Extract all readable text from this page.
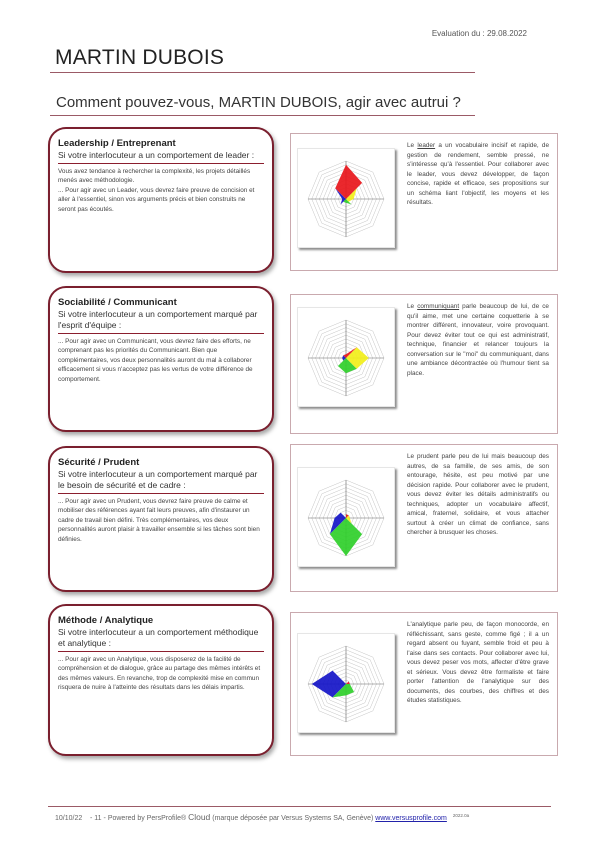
Evaluation du : 29.08.2022
MARTIN DUBOIS
Comment pouvez-vous, MARTIN DUBOIS, agir avec autrui ?
Leadership / Entreprenant
Si votre interlocuteur a un comportement de leader :

Vous avez tendance à rechercher la complexité, les projets détaillés menés avec méthodologie.

... Pour agir avec un Leader, vous devrez faire preuve de concision et aller à l'essentiel, sinon vos arguments précis et bien construits ne seront pas écoutés.

Le leader a un vocabulaire incisif et rapide, de gestion de rendement, semble pressé, ne s'intéresse qu'à l'essentiel. Pour collaborer avec le leader, vous devez développer, de façon concise, rapide et efficace, ses propositions sur un schéma liant l'objectif, les moyens et les résultats.
Sociabilité / Communicant
Si votre interlocuteur a un comportement marqué par l'esprit d'équipe :

... Pour agir avec un Communicant, vous devrez faire des efforts, ne comprenant pas les priorités du Communicant. Bien que complémentaires, vos deux personnalités auront du mal à collaborer efficacement si vous n'acceptez pas les vertus de votre différence de comportement.

Le communiquant parle beaucoup de lui, de ce qu'il aime, met une certaine coquetterie à se montrer différent, innovateur, voire provoquant. Pour devez éviter tout ce qui est administratif, technique, financier et relancer toujours la conversation sur le "moi" du communiquant, dans une ambiance décontractée où l'humour tient sa place.
Sécurité / Prudent
Si votre interlocuteur a un comportement marqué par le besoin de sécurité et de cadre :

... Pour agir avec un Prudent, vous devrez faire preuve de calme et mobiliser des références ayant fait leurs preuves, afin d'instaurer un cadre de travail bien défini. Très complémentaires, vos deux personnalités auront plaisir à travailler ensemble si les tâches sont bien définies.

Le prudent parle peu de lui mais beaucoup des autres, de sa famille, de ses amis, de son entourage, hésite, est peu motivé par une décision rapide. Pour collaborer avec le prudent, vous devez éviter les détails administratifs ou techniques, adopter un vocabulaire affectif, amical, fraternel, solidaire, et vous attacher surtout à créer un climat de confiance, sans chercher à brusquer les choses.
Méthode / Analytique
Si votre interlocuteur a un comportement méthodique et analytique :

... Pour agir avec un Analytique, vous disposerez de la facilité de compréhension et de dialogue, grâce au partage des mêmes intérêts et des mêmes valeurs. En revanche, trop de complexité mise en commun risquera de nuire à l'atteinte des résultats dans les délais impartis.

L'analytique parle peu, de façon monocorde, en réfléchissant, sans geste, comme figé ; il a un regard absent ou fuyant, semble froid et peu à l'aise dans ses contacts. Pour collaborer avec lui, vous devez peser vos mots, affecter d'être grave et sérieux. Vous devez être formaliste et faire porter l'attention de l'analytique sur des documents, des courbes, des chiffres et des études statistiques.
10/10/22 - 11 - Powered by PersProfile® Cloud (marque déposée par Versus Systems SA, Genève) www.versusprofile.com $^{2022.0a}$
